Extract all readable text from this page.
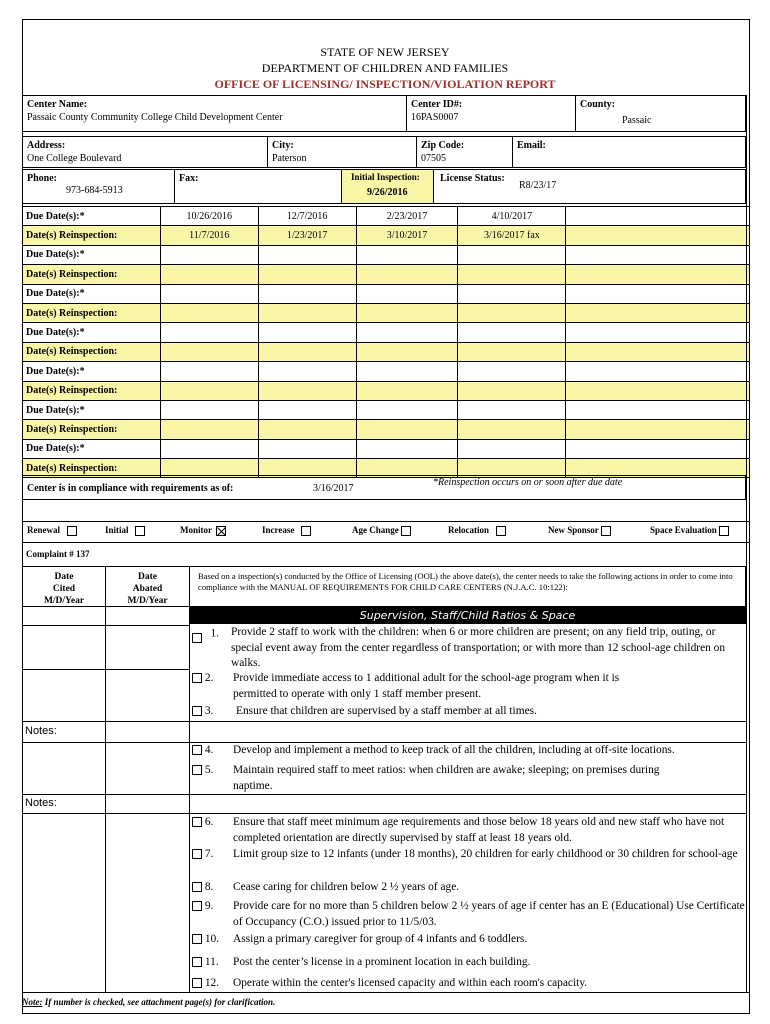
STATE OF NEW JERSEY
DEPARTMENT OF CHILDREN AND FAMILIES
OFFICE OF LICENSING/ INSPECTION/VIOLATION REPORT
Center Name:
Passaic County Community College Child Development Center
Center ID#:
16PAS0007
County:
Passaic
Address:
One College Boulevard
City:
Paterson
Zip Code:
07505
Email:
Phone:
973-684-5913
Fax:	Initial Inspection:
9/26/2016
License Status:
R8/23/17
Due Date(s):*	10/26/2016	12/7/2016	2/23/2017	4/10/2017	
Date(s) Reinspection:	11/7/2016	1/23/2017	3/10/2017	3/16/2017 fax	
Due Date(s):*					
Date(s) Reinspection:					
Due Date(s):*					
Date(s) Reinspection:					
Due Date(s):*					
Date(s) Reinspection:					
Due Date(s):*					
Date(s) Reinspection:					
Due Date(s):*					
Date(s) Reinspection:					
Due Date(s):*					
Date(s) Reinspection:					
Center is in compliance with requirements as of:	3/16/2017
*Reinspection occurs on or soon after due date
Renewal	Initial	Monitor	Increase	Age Change	Relocation	New Sponsor	Space Evaluation
Complaint # 137
Date
Cited
M/D/Year
Date
Abated
M/D/Year
Based on a inspection(s) conducted by the Office of Licensing (OOL) the above date(s), the center needs to take the following actions in order to come into compliance with the MANUAL OF REQUIREMENTS FOR CHILD CARE CENTERS (N.J.A.C. 10:122):
Supervision, Staff/Child Ratios & Space
Notes:
Notes:
1.	Provide 2 staff to work with the children: when 6 or more children are present; on any field trip, outing, or special event away from the center regardless of transportation; or with more than 12 school-age children on walks.
2.	Provide immediate access to 1 additional adult for the school-age program when it is permitted to operate with only 1 staff member present.
3.	Ensure that children are supervised by a staff member at all times.
4.	Develop and implement a method to keep track of all the children, including at off-site locations.
5.	Maintain required staff to meet ratios: when children are awake; sleeping; on premises during naptime.
6.	Ensure that staff meet minimum age requirements and those below 18 years old and new staff who have not completed orientation are directly supervised by staff at least 18 years old.
7.	Limit group size to 12 infants (under 18 months), 20 children for early childhood or 30 children for school-age
8.	Cease caring for children below 2 ½ years of age.
9.	Provide care for no more than 5 children below 2 ½ years of age if center has an E (Educational) Use Certificate of Occupancy (C.O.) issued prior to 11/5/03.
10.	Assign a primary caregiver for group of 4 infants and 6 toddlers.
11.	Post the center’s license in a prominent location in each building.
12.	Operate within the center's licensed capacity and within each room's capacity.
Note: If number is checked, see attachment page(s) for clarification.
